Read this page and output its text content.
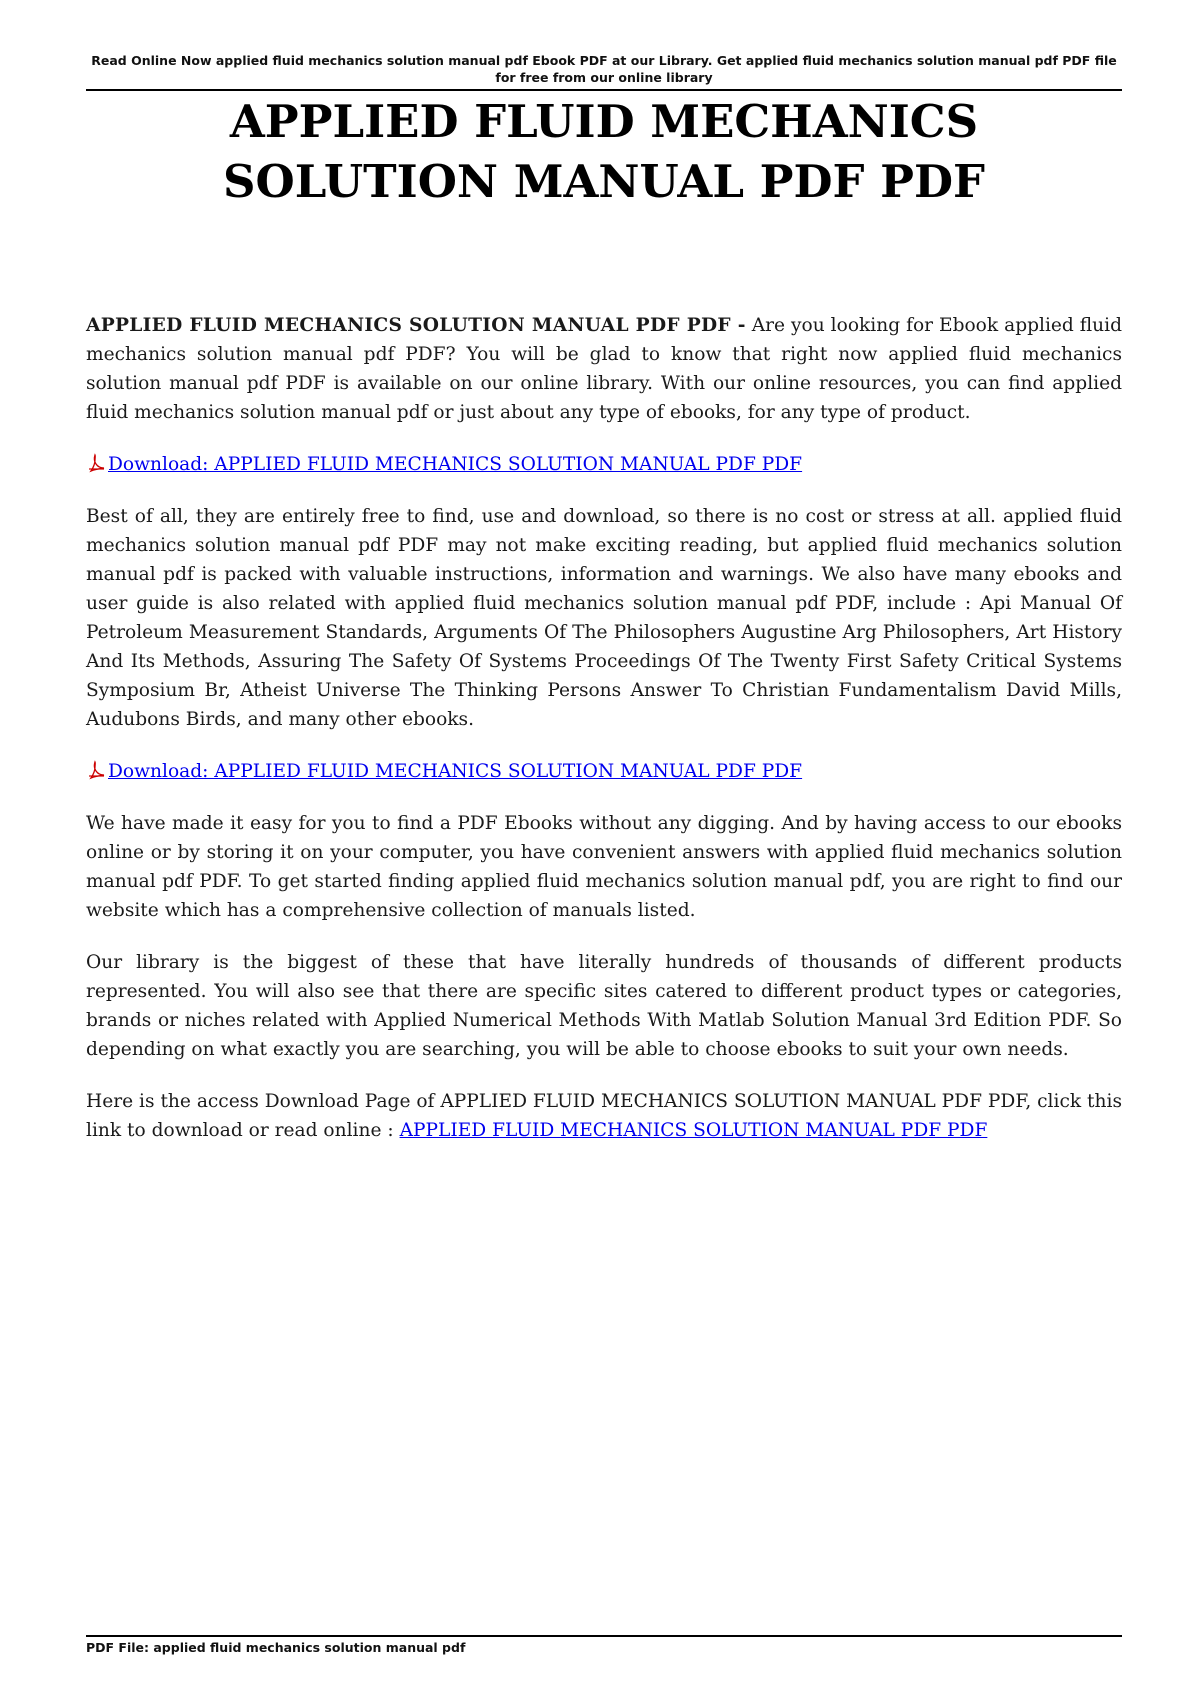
Read Online Now applied fluid mechanics solution manual pdf Ebook PDF at our Library. Get applied fluid mechanics solution manual pdf PDF file for free from our online library
APPLIED FLUID MECHANICS SOLUTION MANUAL PDF PDF

APPLIED FLUID MECHANICS SOLUTION MANUAL PDF PDF - Are you looking for Ebook applied fluid mechanics solution manual pdf PDF? You will be glad to know that right now applied fluid mechanics solution manual pdf PDF is available on our online library. With our online resources, you can find applied fluid mechanics solution manual pdf or just about any type of ebooks, for any type of product.

Download: APPLIED FLUID MECHANICS SOLUTION MANUAL PDF PDF

Best of all, they are entirely free to find, use and download, so there is no cost or stress at all. applied fluid mechanics solution manual pdf PDF may not make exciting reading, but applied fluid mechanics solution manual pdf is packed with valuable instructions, information and warnings. We also have many ebooks and user guide is also related with applied fluid mechanics solution manual pdf PDF, include : Api Manual Of Petroleum Measurement Standards, Arguments Of The Philosophers Augustine Arg Philosophers, Art History And Its Methods, Assuring The Safety Of Systems Proceedings Of The Twenty First Safety Critical Systems Symposium Br, Atheist Universe The Thinking Persons Answer To Christian Fundamentalism David Mills, Audubons Birds, and many other ebooks.

Download: APPLIED FLUID MECHANICS SOLUTION MANUAL PDF PDF

We have made it easy for you to find a PDF Ebooks without any digging. And by having access to our ebooks online or by storing it on your computer, you have convenient answers with applied fluid mechanics solution manual pdf PDF. To get started finding applied fluid mechanics solution manual pdf, you are right to find our website which has a comprehensive collection of manuals listed.

Our library is the biggest of these that have literally hundreds of thousands of different products represented. You will also see that there are specific sites catered to different product types or categories, brands or niches related with Applied Numerical Methods With Matlab Solution Manual 3rd Edition PDF. So depending on what exactly you are searching, you will be able to choose ebooks to suit your own needs.

Here is the access Download Page of APPLIED FLUID MECHANICS SOLUTION MANUAL PDF PDF, click this link to download or read online : APPLIED FLUID MECHANICS SOLUTION MANUAL PDF PDF

PDF File: applied fluid mechanics solution manual pdf
